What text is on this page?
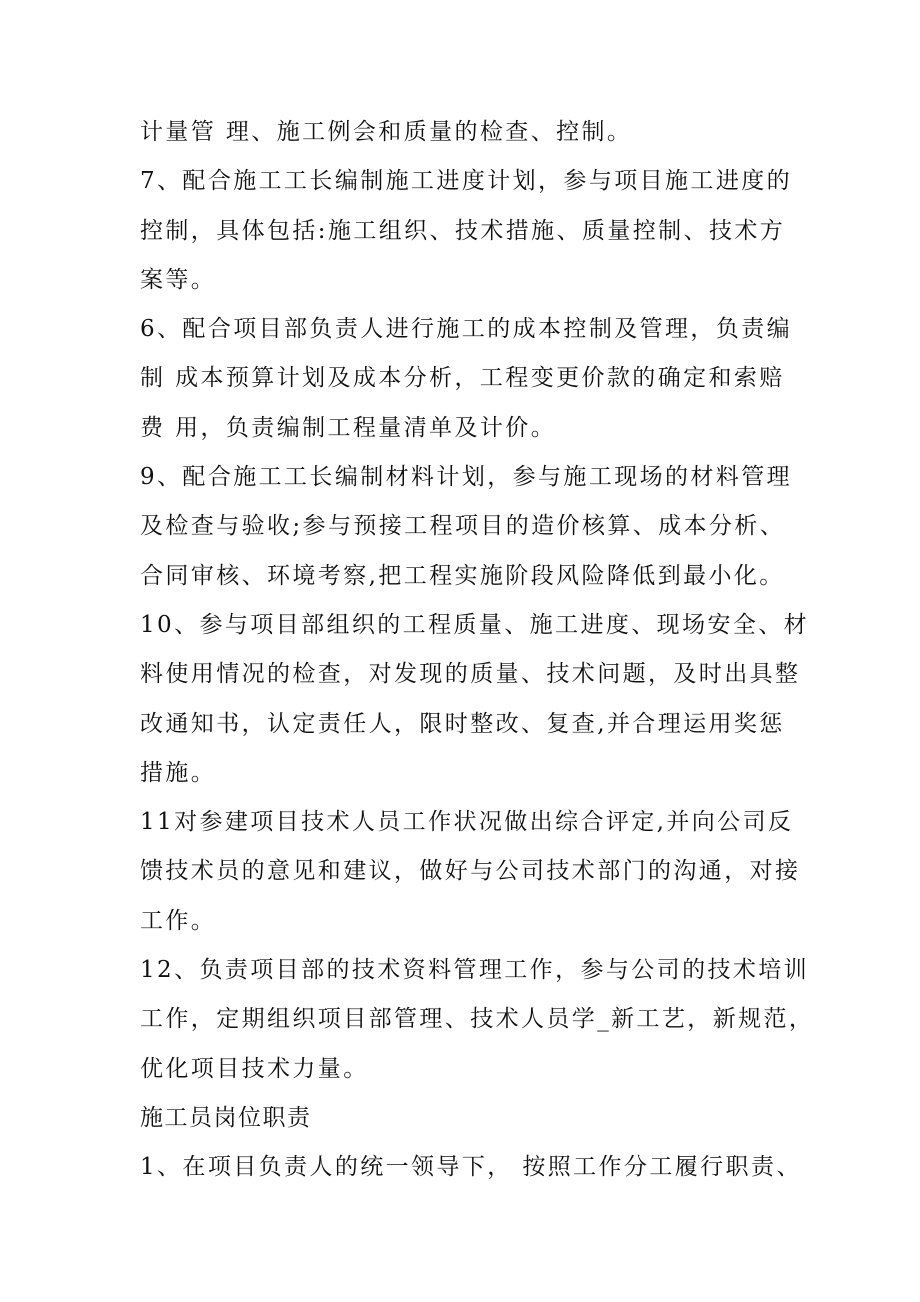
计量管 理、施工例会和质量的检查、控制。
7、配合施工工长编制施工进度计划，参与项目施工进度的
控制，具体包括:施工组织、技术措施、质量控制、技术方
案等。
6、配合项目部负责人进行施工的成本控制及管理，负责编
制 成本预算计划及成本分析，工程变更价款的确定和索赔
费 用，负责编制工程量清单及计价。
9、配合施工工长编制材料计划，参与施工现场的材料管理
及检查与验收;参与预接工程项目的造价核算、成本分析、
合同审核、环境考察,把工程实施阶段风险降低到最小化。
10、参与项目部组织的工程质量、施工进度、现场安全、材
料使用情况的检查，对发现的质量、技术问题，及时出具整
改通知书，认定责任人，限时整改、复查,并合理运用奖惩
措施。
11对参建项目技术人员工作状况做出综合评定,并向公司反
馈技术员的意见和建议，做好与公司技术部门的沟通，对接
工作。
12、负责项目部的技术资料管理工作，参与公司的技术培训
工作，定期组织项目部管理、技术人员学_新工艺，新规范，
优化项目技术力量。
施工员岗位职责
1、在项目负责人的统一领导下， 按照工作分工履行职责、
